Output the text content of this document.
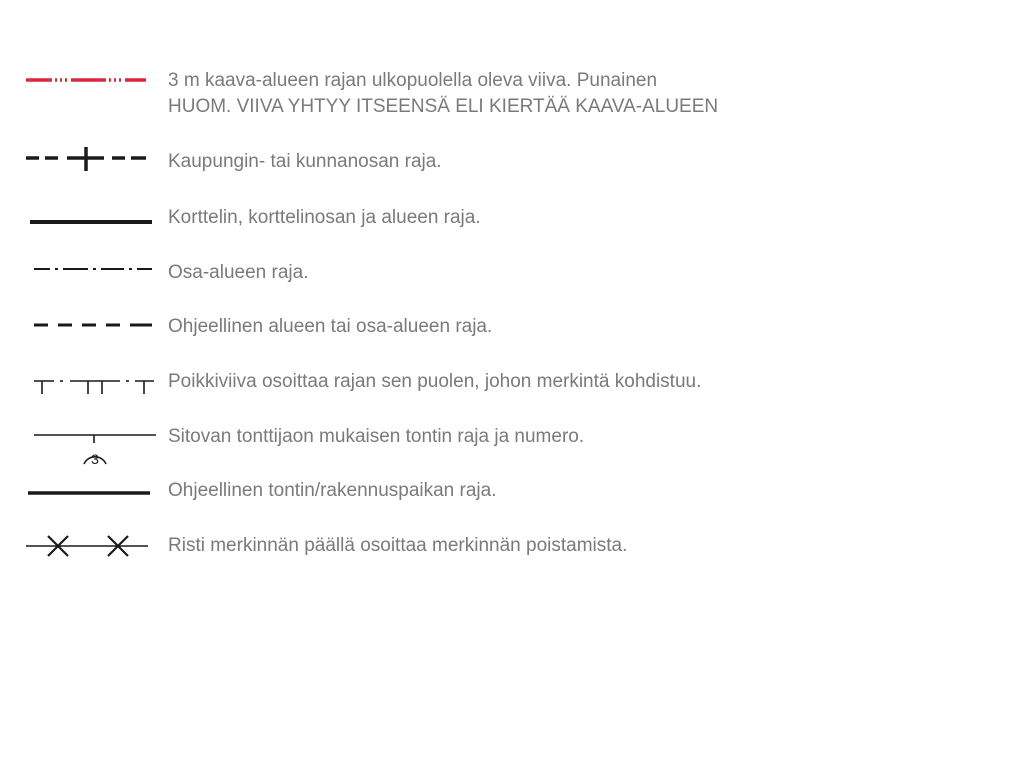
3 m kaava-alueen rajan ulkopuolella oleva viiva. Punainen
HUOM. VIIVA YHTYY ITSEENSÄ ELI KIERTÄÄ KAAVA-ALUEEN
Kaupungin- tai kunnanosan raja.
Korttelin, korttelinosan ja alueen raja.
Osa-alueen raja.
Ohjeellinen alueen tai osa-alueen raja.
Poikkiviiva osoittaa rajan sen puolen, johon merkintä kohdistuu.
3
Sitovan tonttijaon mukaisen tontin raja ja numero.
Ohjeellinen tontin/rakennuspaikan raja.
Risti merkinnän päällä osoittaa merkinnän poistamista.
